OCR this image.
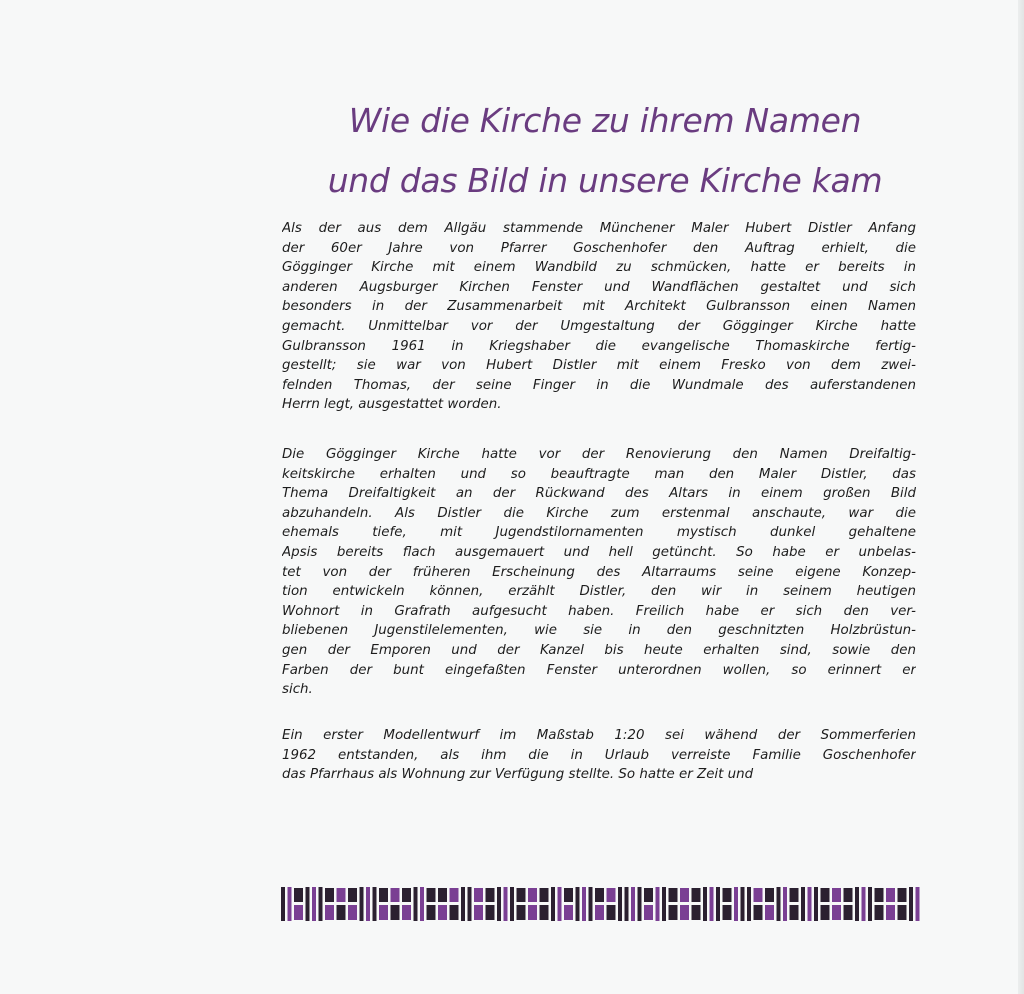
Wie die Kirche zu ihrem Namen
und das Bild in unsere Kirche kam
Als der aus dem Allgäu stammende Münchener Maler Hubert Distler Anfang
der 60er Jahre von Pfarrer Goschenhofer den Auftrag erhielt, die
Gögginger Kirche mit einem Wandbild zu schmücken, hatte er bereits in
anderen Augsburger Kirchen Fenster und Wandflächen gestaltet und sich
besonders in der Zusammenarbeit mit Architekt Gulbransson einen Namen
gemacht. Unmittelbar vor der Umgestaltung der Gögginger Kirche hatte
Gulbransson 1961 in Kriegshaber die evangelische Thomaskirche fertig-
gestellt; sie war von Hubert Distler mit einem Fresko von dem zwei-
felnden Thomas, der seine Finger in die Wundmale des auferstandenen
Herrn legt, ausgestattet worden.
Die Gögginger Kirche hatte vor der Renovierung den Namen Dreifaltig-
keitskirche erhalten und so beauftragte man den Maler Distler, das
Thema Dreifaltigkeit an der Rückwand des Altars in einem großen Bild
abzuhandeln. Als Distler die Kirche zum erstenmal anschaute, war die
ehemals tiefe, mit Jugendstilornamenten mystisch dunkel gehaltene
Apsis bereits flach ausgemauert und hell getüncht. So habe er unbelas-
tet von der früheren Erscheinung des Altarraums seine eigene Konzep-
tion entwickeln können, erzählt Distler, den wir in seinem heutigen
Wohnort in Grafrath aufgesucht haben. Freilich habe er sich den ver-
bliebenen Jugenstilelementen, wie sie in den geschnitzten Holzbrüstun-
gen der Emporen und der Kanzel bis heute erhalten sind, sowie den
Farben der bunt eingefaßten Fenster unterordnen wollen, so erinnert er
sich.
Ein erster Modellentwurf im Maßstab 1:20 sei wähend der Sommerferien
1962 entstanden, als ihm die in Urlaub verreiste Familie Goschenhofer
das Pfarrhaus als Wohnung zur Verfügung stellte. So hatte er Zeit und
